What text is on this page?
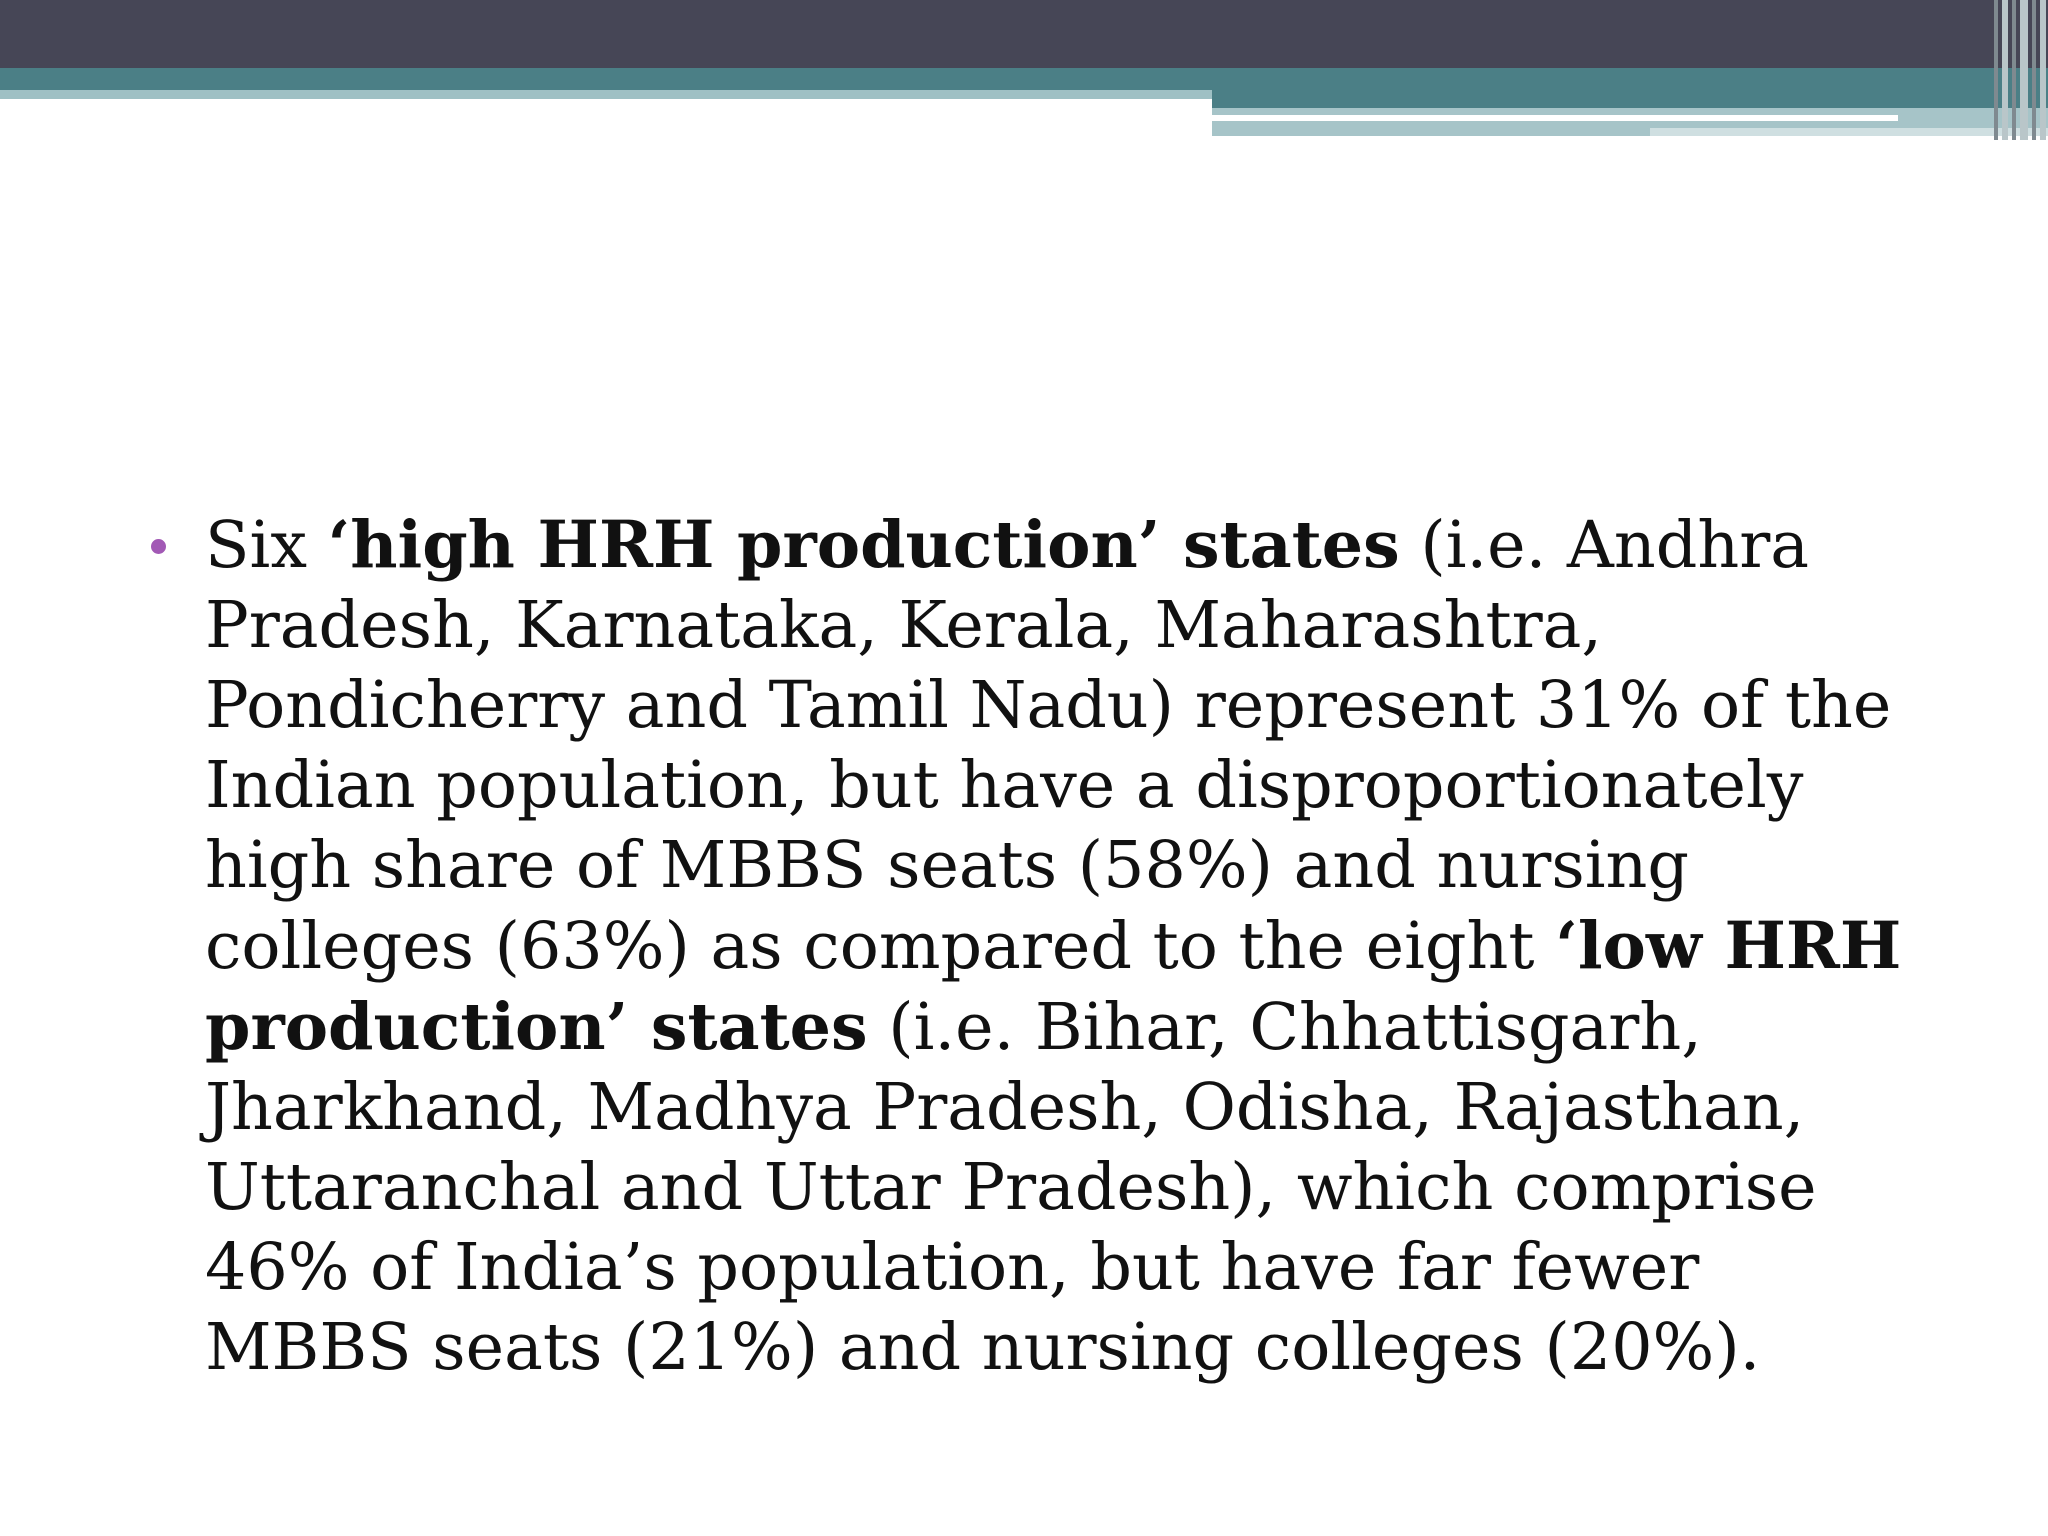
Six ‘high HRH production’ states (i.e. Andhra Pradesh, Karnataka, Kerala, Maharashtra, Pondicherry and Tamil Nadu) represent 31% of the Indian population, but have a disproportionately high share of MBBS seats (58%) and nursing colleges (63%) as compared to the eight ‘low HRH production’ states (i.e. Bihar, Chhattisgarh, Jharkhand, Madhya Pradesh, Odisha, Rajasthan, Uttaranchal and Uttar Pradesh), which comprise 46% of India’s population, but have far fewer MBBS seats (21%) and nursing colleges (20%).
